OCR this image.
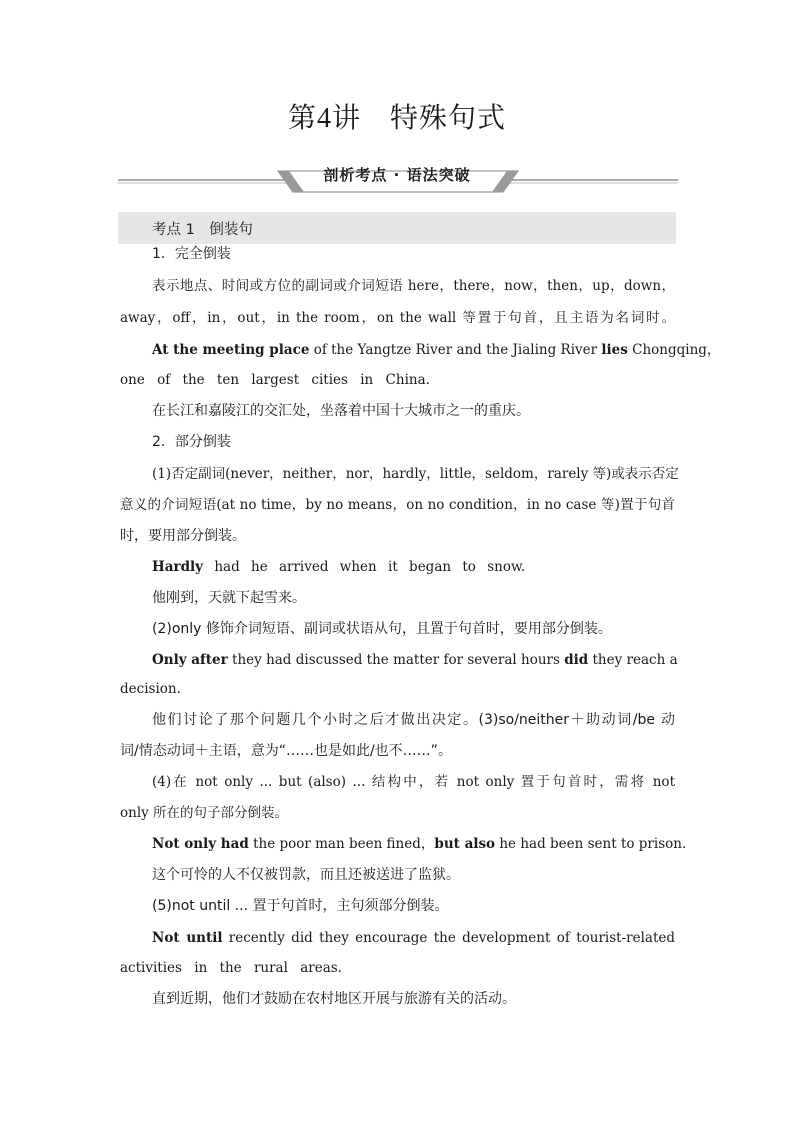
第4讲　特殊句式
剖析考点 · 语法突破
考点 1　倒装句
1．完全倒装
表示地点、时间或方位的副词或介词短语 here，there，now，then，up，down，
away，off，in，out，in the room，on the wall 等置于句首，且主语为名词时。
At the meeting place of the Yangtze River and the Jialing River lies Chongqing，
one of the ten largest cities in China.
在长江和嘉陵江的交汇处，坐落着中国十大城市之一的重庆。
2．部分倒装
(1)否定副词(never，neither，nor，hardly，little，seldom，rarely 等)或表示否定
意义的介词短语(at no time，by no means，on no condition，in no case 等)置于句首
时，要用部分倒装。
Hardly had he arrived when it began to snow.
他刚到，天就下起雪来。
(2)only 修饰介词短语、副词或状语从句，且置于句首时，要用部分倒装。
Only after they had discussed the matter for several hours did they reach a
decision.
他们讨论了那个问题几个小时之后才做出决定。(3)so/neither＋助动词/be 动
词/情态动词＋主语，意为“……也是如此/也不……”。
(4)在 not only ... but (also) ... 结构中，若 not only 置于句首时，需将 not
only 所在的句子部分倒装。
Not only had the poor man been fined，but also he had been sent to prison.
这个可怜的人不仅被罚款，而且还被送进了监狱。
(5)not until ... 置于句首时，主句须部分倒装。
Not until recently did they encourage the development of tourist-related
activities in the rural areas.
直到近期，他们才鼓励在农村地区开展与旅游有关的活动。
